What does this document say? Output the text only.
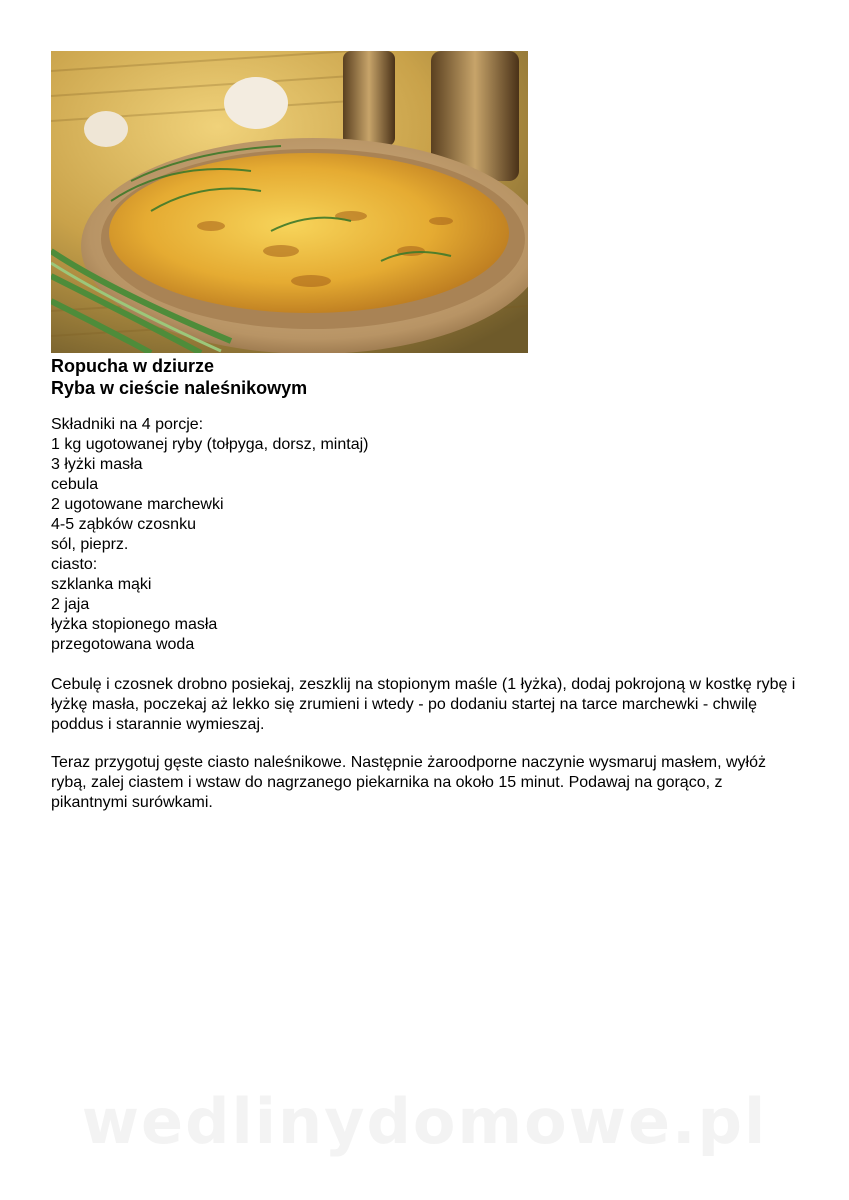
Ropucha w dziurze
Ryba w cieście naleśnikowym
Składniki na 4 porcje:
1 kg ugotowanej ryby (tołpyga, dorsz, mintaj)
3 łyżki masła
cebula
2 ugotowane marchewki
4-5 ząbków czosnku
sól, pieprz.
ciasto:
szklanka mąki
2 jaja
łyżka stopionego masła
przegotowana woda

Cebulę i czosnek drobno posiekaj, zeszklij na stopionym maśle (1 łyżka), dodaj pokrojoną w kostkę rybę i łyżkę masła, poczekaj aż lekko się zrumieni i wtedy - po dodaniu startej na tarce marchewki - chwilę poddus i starannie wymieszaj.

Teraz przygotuj gęste ciasto naleśnikowe. Następnie żaroodporne naczynie wysmaruj masłem, wyłóż rybą, zalej ciastem i wstaw do nagrzanego piekarnika na około 15 minut. Podawaj na gorąco, z pikantnymi surówkami.

wedlinydomowe.pl
